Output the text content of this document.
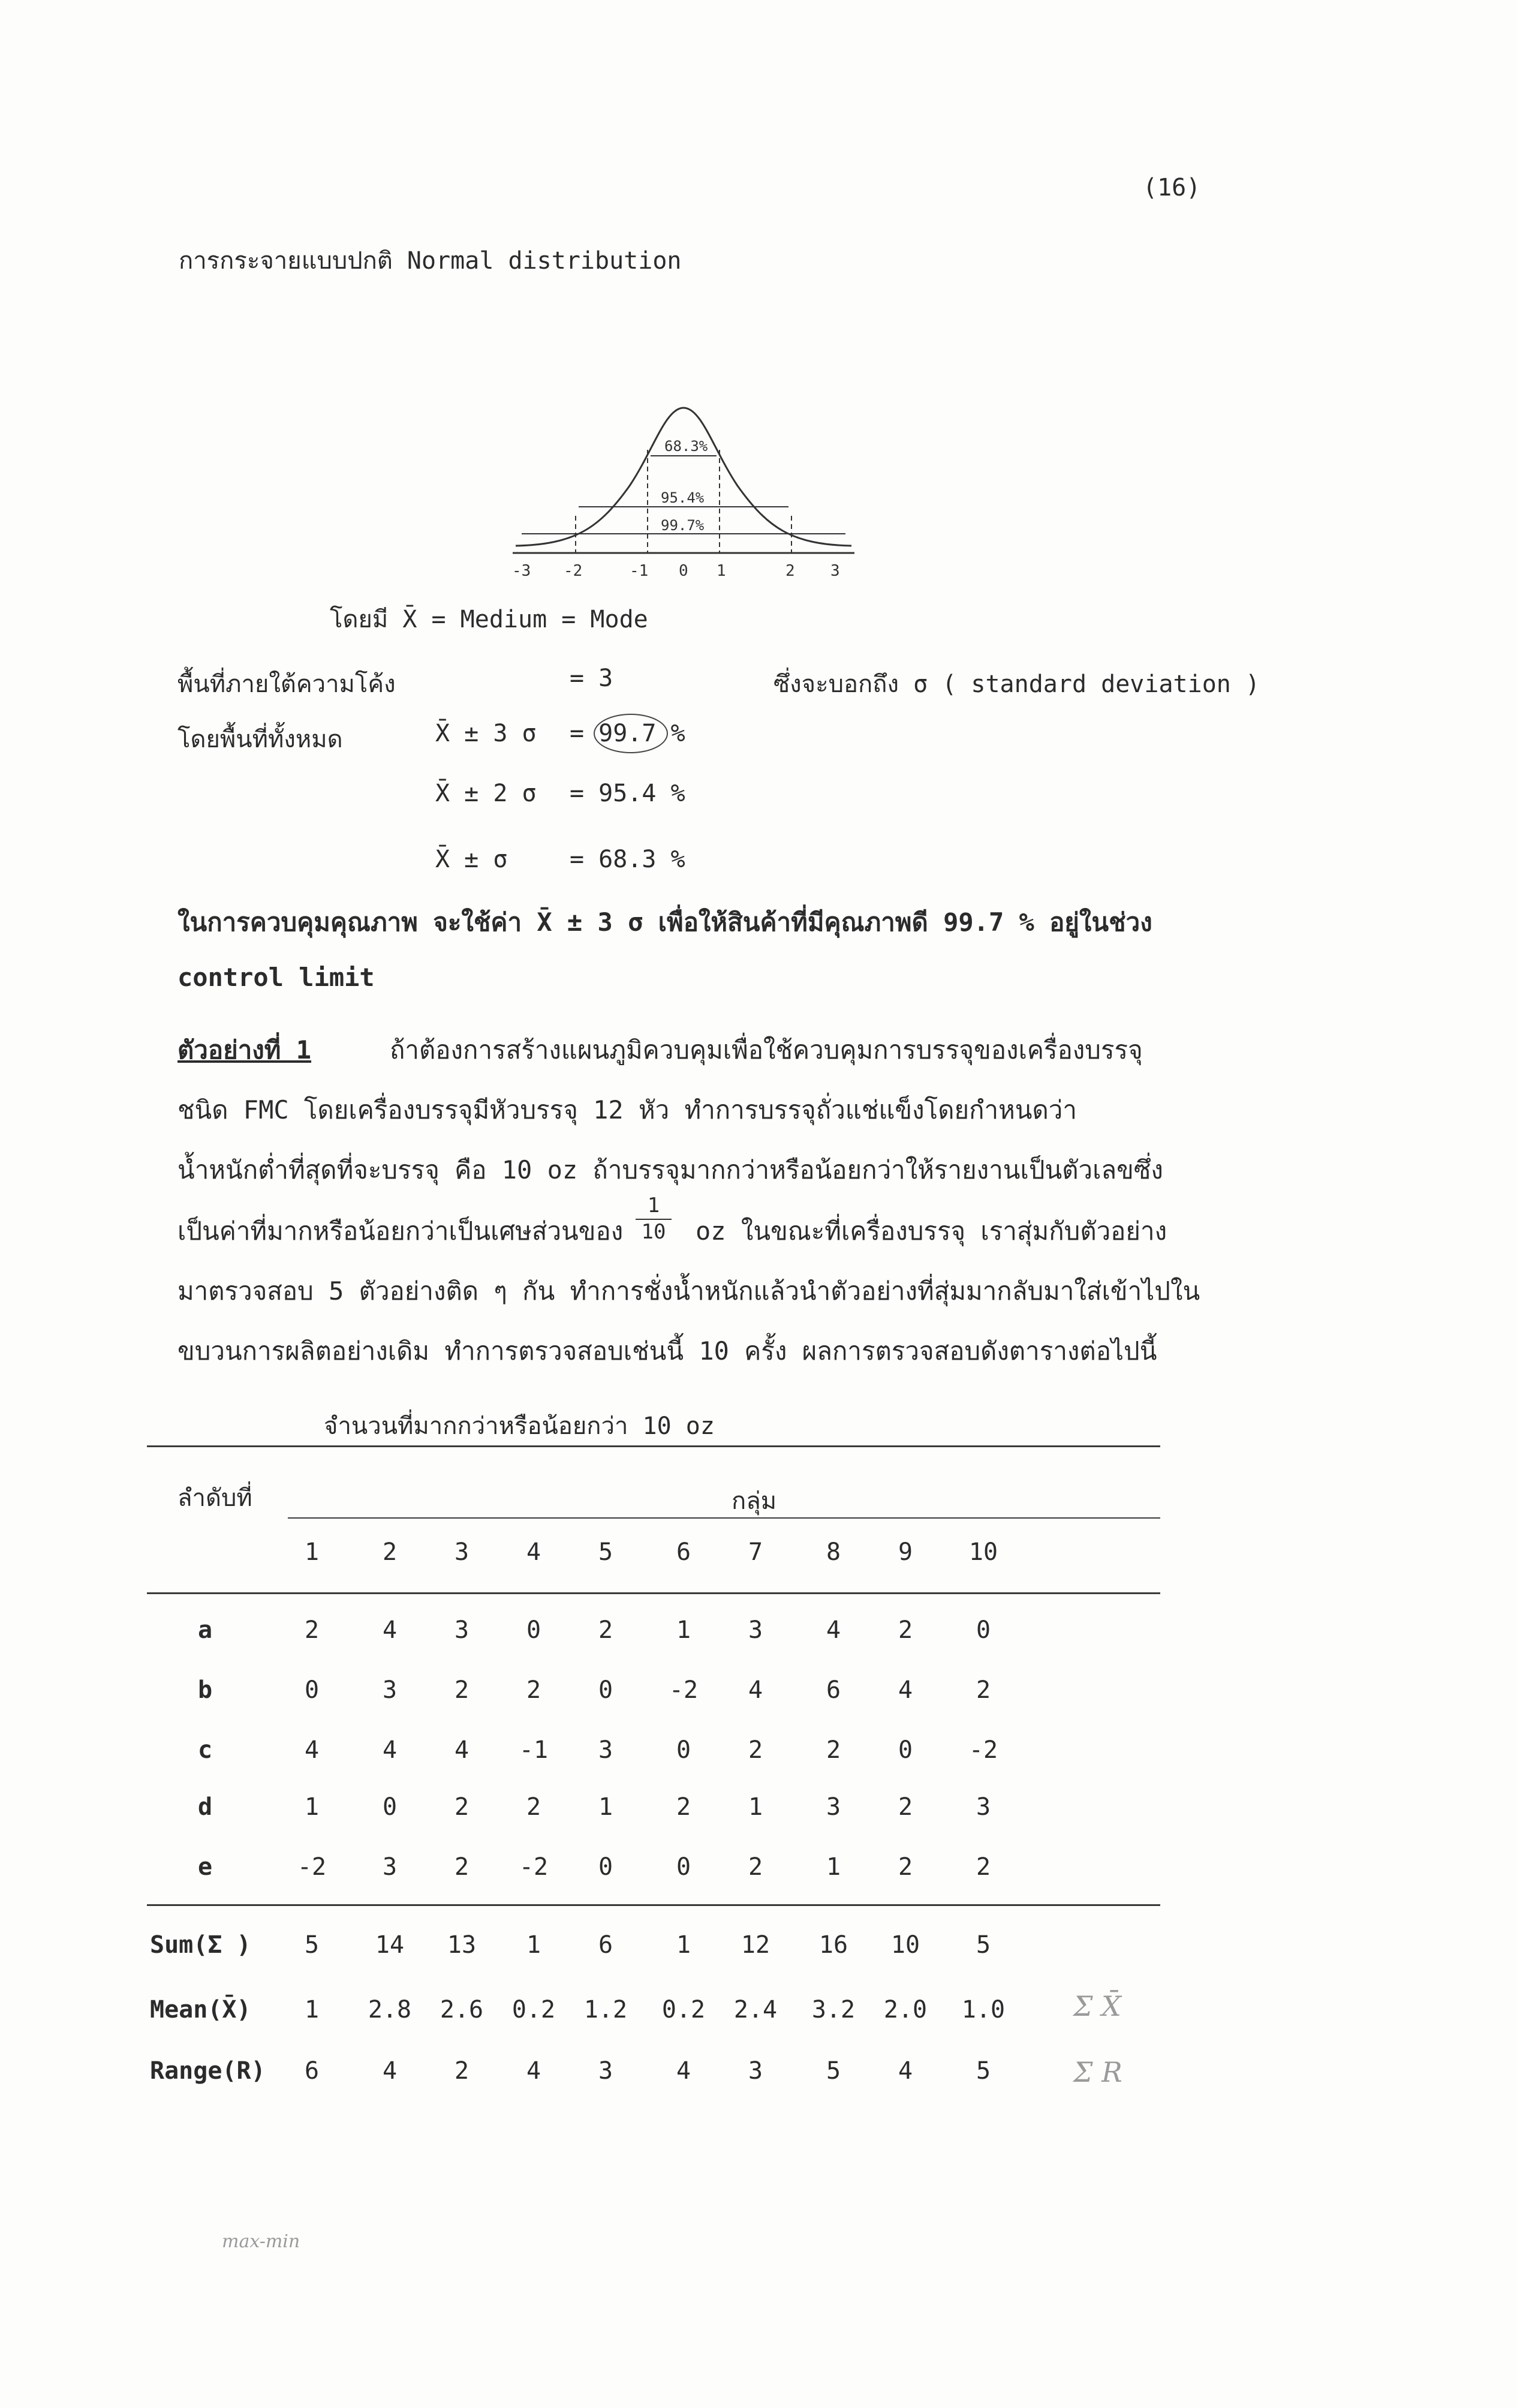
(16)
การกระจายแบบปกติ Normal distribution
68.3%
95.4%
99.7%
-3 -2	-1 0 1	2 3
โดยมี X̄ = Medium = Mode
พื้นที่ภายใต้ความโค้ง	= 3	ซึ่งจะบอกถึง σ ( standard deviation )
โดยพื้นที่ทั้งหมด	X̄ ± 3 σ = 99.7 %
X̄ ± 2 σ = 95.4 %
X̄ ± σ	= 68.3 %
ในการควบคุมคุณภาพ จะใช้ค่า X̄ ± 3 σ เพื่อให้สินค้าที่มีคุณภาพดี 99.7 % อยู่ในช่วง
control limit
ตัวอย่างที่ 1	ถ้าต้องการสร้างแผนภูมิควบคุมเพื่อใช้ควบคุมการบรรจุของเครื่องบรรจุ
ชนิด FMC โดยเครื่องบรรจุมีหัวบรรจุ 12 หัว ทำการบรรจุถั่วแช่แข็งโดยกำหนดว่า
น้ำหนักต่ำที่สุดที่จะบรรจุ คือ 10 oz ถ้าบรรจุมากกว่าหรือน้อยกว่าให้รายงานเป็นตัวเลขซึ่ง
เป็นค่าที่มากหรือน้อยกว่าเป็นเศษส่วนของ $\frac{1}{10}$ oz ในขณะที่เครื่องบรรจุ เราสุ่มกับตัวอย่าง
มาตรวจสอบ 5 ตัวอย่างติด ๆ กัน ทำการชั่งน้ำหนักแล้วนำตัวอย่างที่สุ่มมากลับมาใส่เข้าไปใน
ขบวนการผลิตอย่างเดิม ทำการตรวจสอบเช่นนี้ 10 ครั้ง ผลการตรวจสอบดังตารางต่อไปนี้
จำนวนที่มากกว่าหรือน้อยกว่า 10 oz
ลำดับที่	กลุ่ม
1	2	3	4	5	6	7	8	9	10
a	2	4	3	0	2	1	3	4	2	0
b	0	3	2	2	0	-2	4	6	4	2
c	4	4	4	-1	3	0	2	2	0	-2
d	1	0	2	2	1	2	1	3	2	3
e	-2	3	2	-2	0	0	2	1	2	2
Sum(Σ )	5	14	13	1	6	1	12	16	10	5
Mean(X̄)	1	2.8 2.6 0.2 1.2 0.2 2.4 3.2 2.0 1.0
Range(R)	6	4	2	4	3	4	3	5	4	5
Σ X̄
Σ R
max-min
